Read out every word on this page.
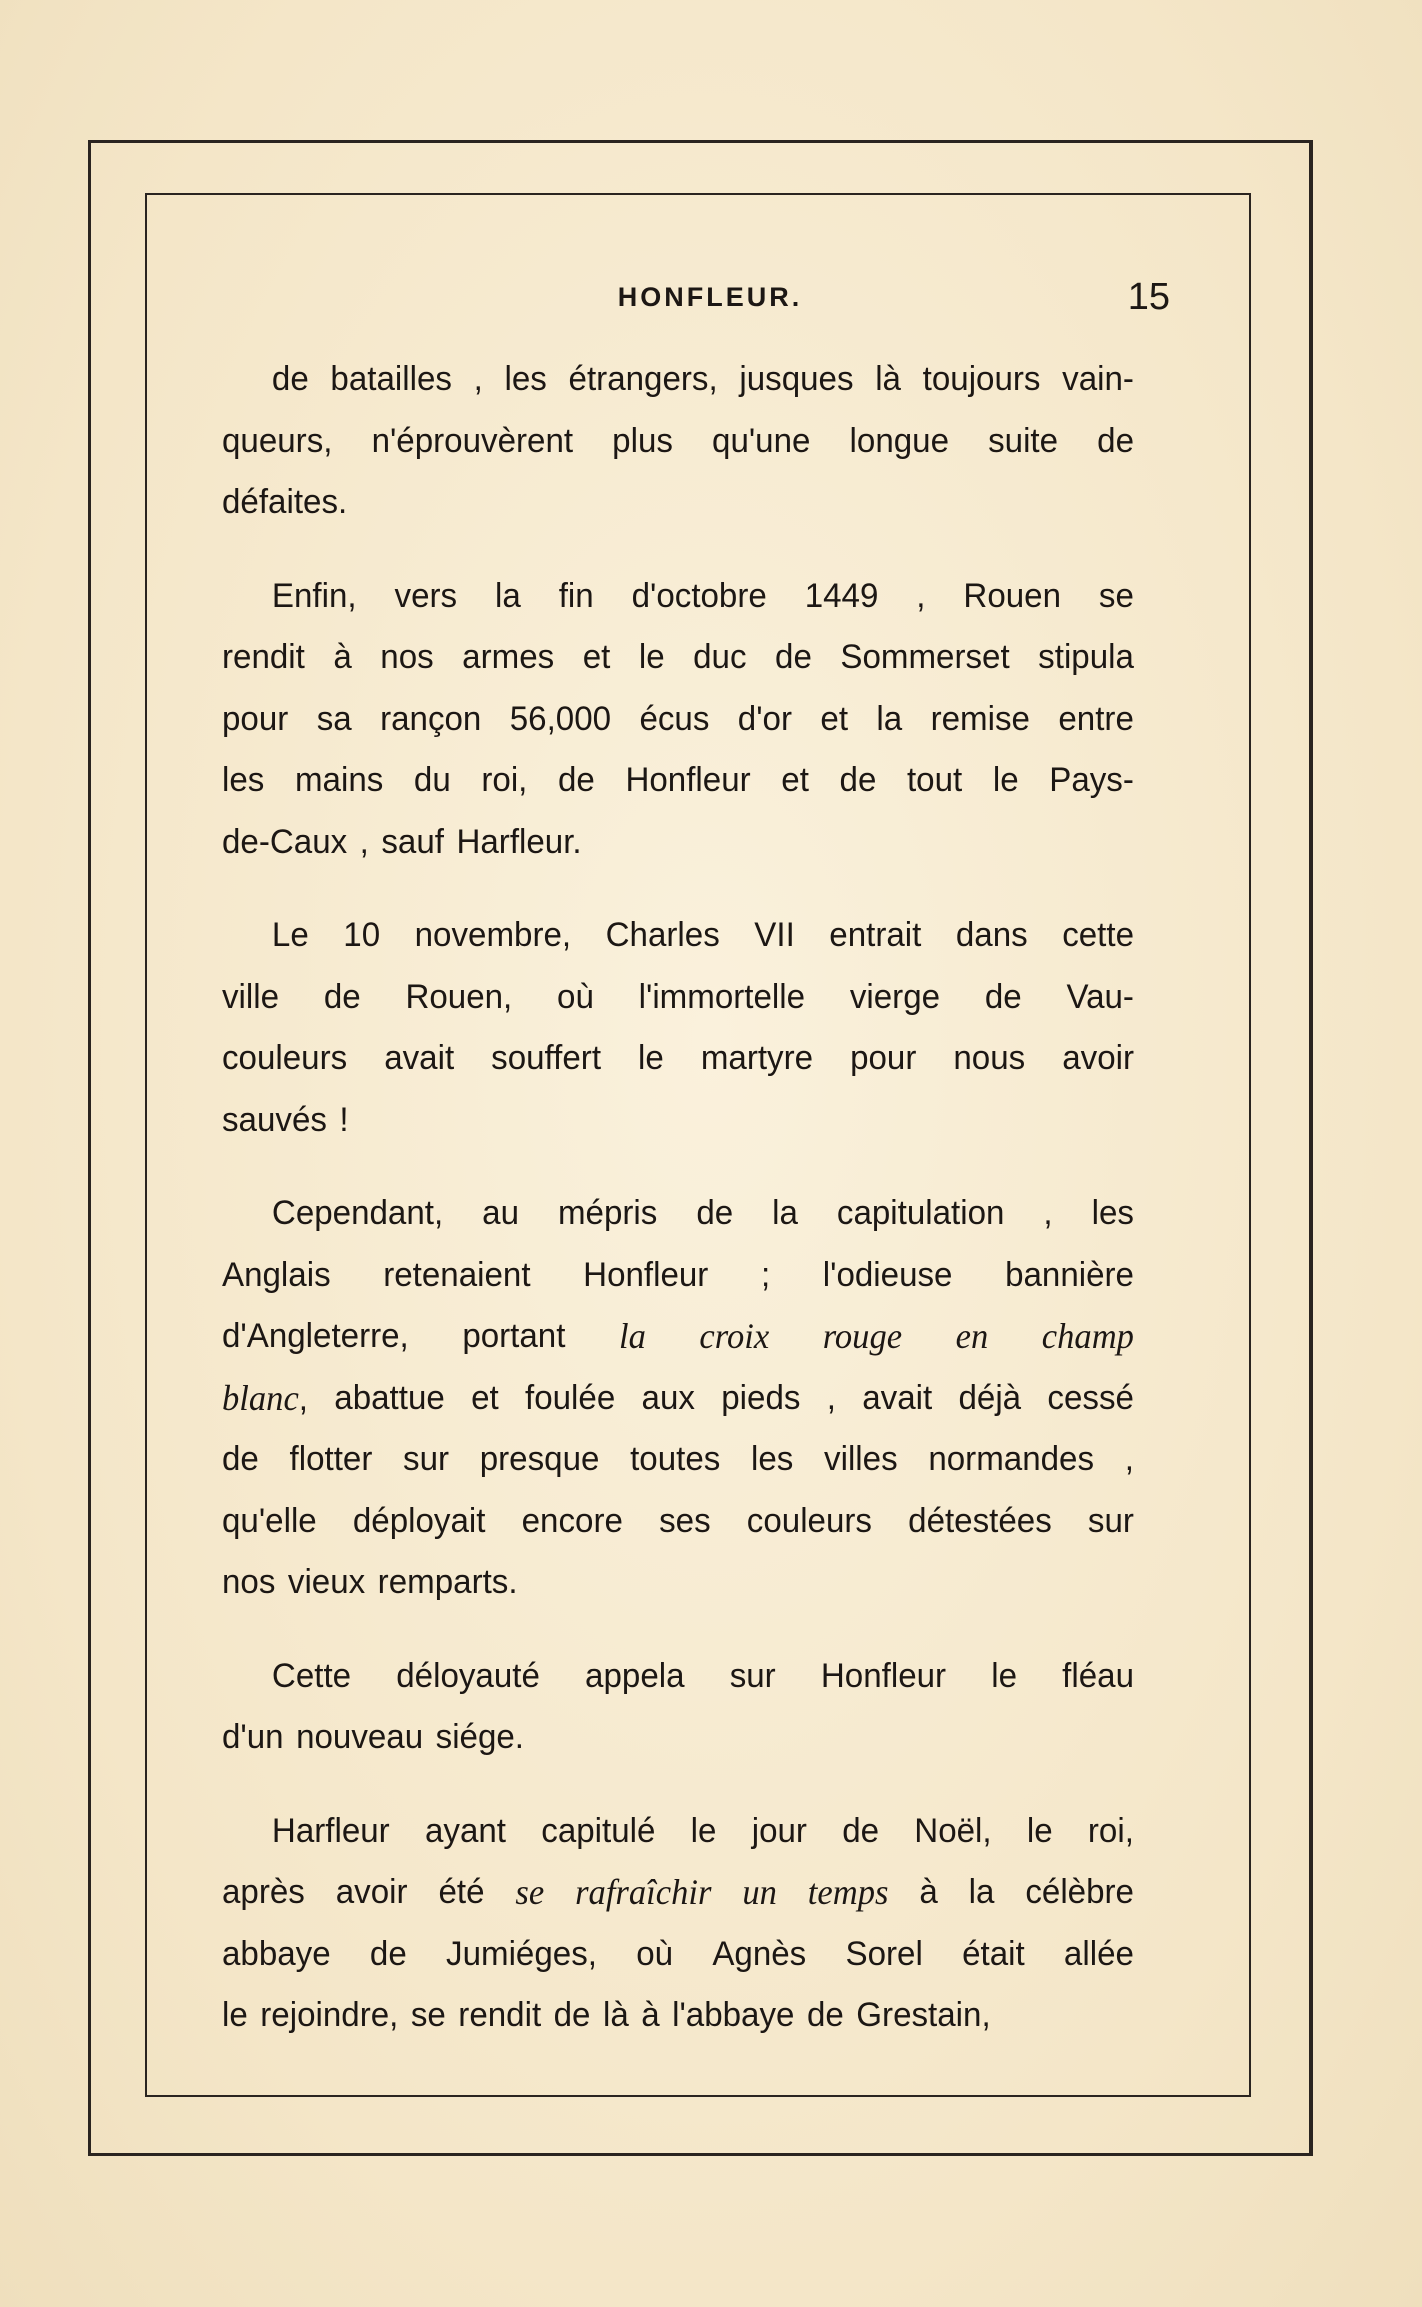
HONFLEUR.	15
de batailles , les étrangers, jusques là toujours vain-
queurs, n'éprouvèrent plus qu'une longue suite de
défaites.
Enfin, vers la fin d'octobre 1449 , Rouen se
rendit à nos armes et le duc de Sommerset stipula
pour sa rançon 56,000 écus d'or et la remise entre
les mains du roi, de Honfleur et de tout le Pays-
de-Caux , sauf Harfleur.
Le 10 novembre, Charles VII entrait dans cette
ville de Rouen, où l'immortelle vierge de Vau-
couleurs avait souffert le martyre pour nous avoir
sauvés !
Cependant, au mépris de la capitulation , les
Anglais retenaient Honfleur ; l'odieuse bannière
d'Angleterre, portant la croix rouge en champ
blanc, abattue et foulée aux pieds , avait déjà cessé
de flotter sur presque toutes les villes normandes ,
qu'elle déployait encore ses couleurs détestées sur
nos vieux remparts.
Cette déloyauté appela sur Honfleur le fléau
d'un nouveau siége.
Harfleur ayant capitulé le jour de Noël, le roi,
après avoir été se rafraîchir un temps à la célèbre
abbaye de Jumiéges, où Agnès Sorel était allée
le rejoindre, se rendit de là à l'abbaye de Grestain,
